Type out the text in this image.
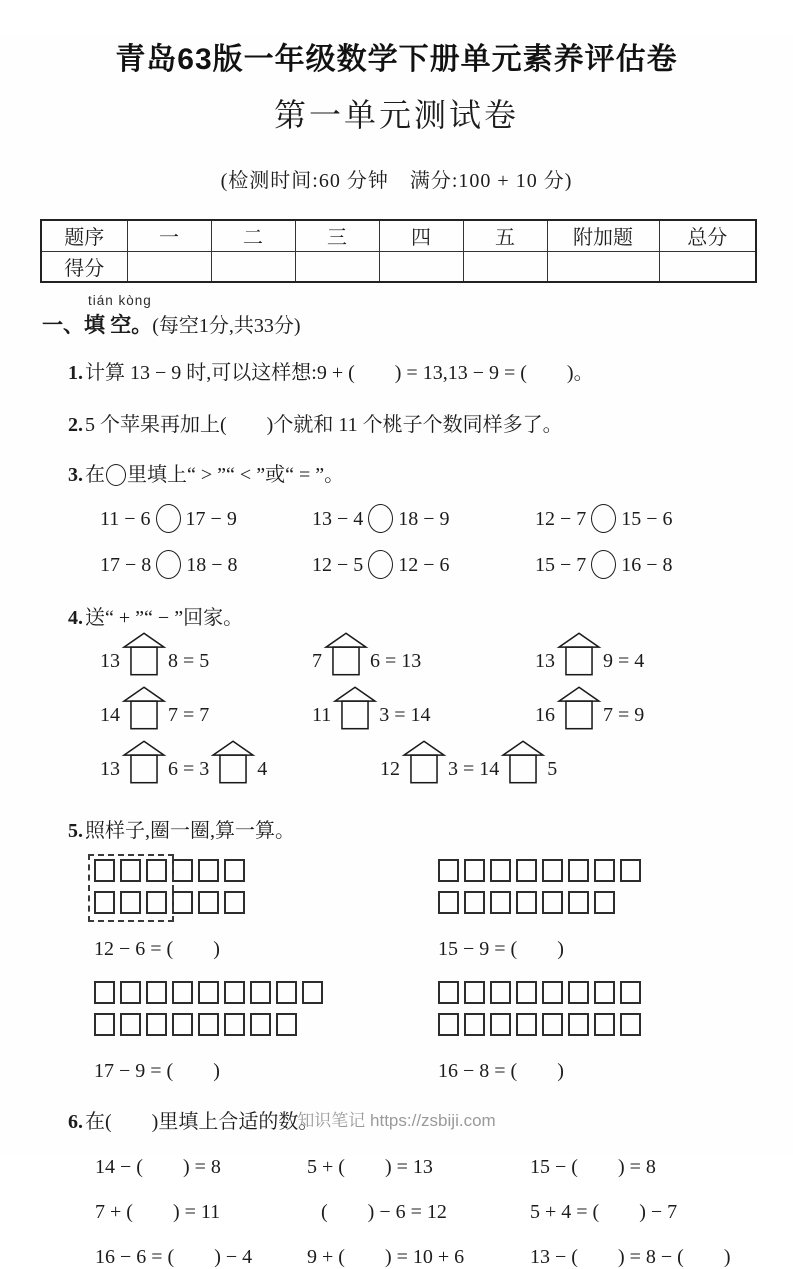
青岛63版一年级数学下册单元素养评估卷
第一单元测试卷
(检测时间:60 分钟　满分:100 + 10 分)
题序	一	二	三	四	五	附加题	总分
得分							
一、
tián kòng
填 空。(每空1分,共33分)
1. 计算 13 − 9 时,可以这样想:9 + (　　) = 13,13 − 9 = (　　)。
2. 5 个苹果再加上(　　)个就和 11 个桃子个数同样多了。
3. 在 里填上“ > ”“ < ”或“ = ”。
11 − 6 17 − 9	13 − 4 18 − 9	12 − 7 15 − 6
17 − 8 18 − 8	12 − 5 12 − 6	15 − 7 16 − 8
4. 送“ + ”“ − ”回家。
13 8 = 5	7 6 = 13	13 9 = 4
14 7 = 7	11 3 = 14	16 7 = 9
13 6 = 3 4	12 3 = 14 5
5. 照样子,圈一圈,算一算。
12 − 6 = (　　)	15 − 9 = (　　)
17 − 9 = (　　)	16 − 8 = (　　)
6. 在(　　)里填上合适的数。
14 − (　　) = 8	5 + (　　) = 13	15 − (　　) = 8
7 + (　　) = 11	(　　) − 6 = 12	5 + 4 = (　　) − 7
16 − 6 = (　　) − 4	9 + (　　) = 10 + 6	13 − (　　) = 8 − (　　)
知识笔记 https://zsbiji.com
